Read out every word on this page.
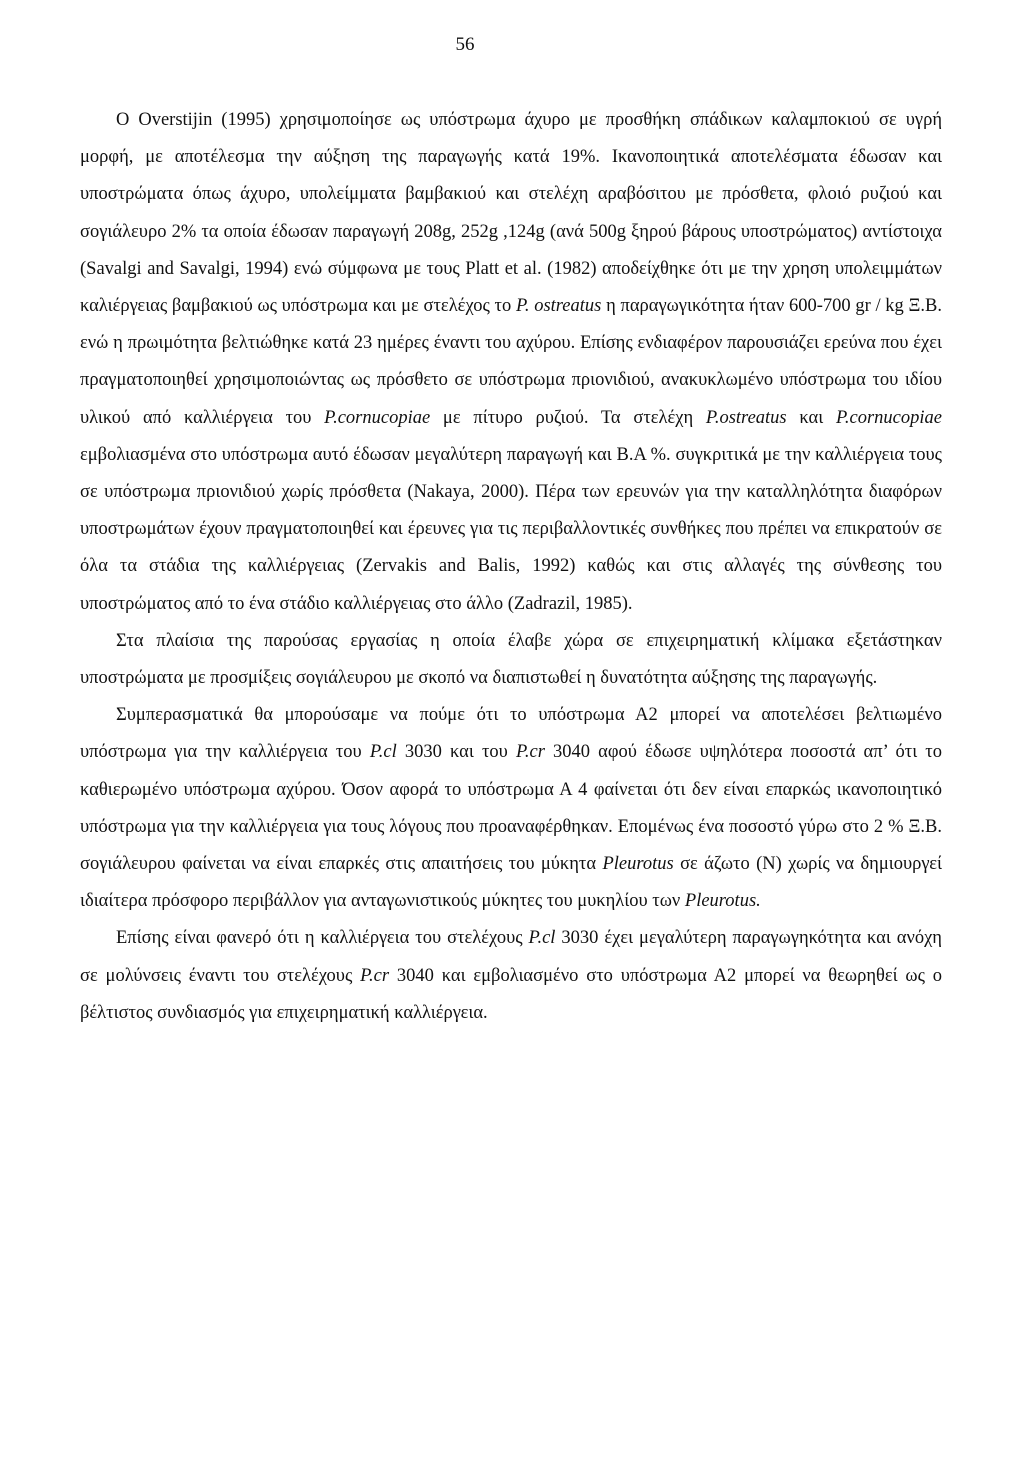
56

Ο Overstijin (1995) χρησιμοποίησε ως υπόστρωμα άχυρο με προσθήκη σπάδικων καλαμποκιού σε υγρή μορφή, με αποτέλεσμα την αύξηση της παραγωγής κατά 19%. Ικανοποιητικά αποτελέσματα έδωσαν και υποστρώματα όπως άχυρο, υπολείμματα βαμβακιού και στελέχη αραβόσιτου με πρόσθετα, φλοιό ρυζιού και σογιάλευρο 2% τα οποία έδωσαν παραγωγή 208g, 252g ,124g (ανά 500g ξηρού βάρους υποστρώματος) αντίστοιχα (Savalgi and Savalgi, 1994) ενώ σύμφωνα με τους Platt et al. (1982) αποδείχθηκε ότι με την χρηση υπολειμμάτων καλιέργειας βαμβακιού ως υπόστρωμα και με στελέχος το P. ostreatus η παραγωγικότητα ήταν 600-700 gr / kg Ξ.Β. ενώ η πρωιμότητα βελτιώθηκε κατά 23 ημέρες έναντι του αχύρου. Επίσης ενδιαφέρον παρουσιάζει ερεύνα που έχει πραγματοποιηθεί χρησιμοποιώντας ως πρόσθετο σε υπόστρωμα πριονιδιού, ανακυκλωμένο υπόστρωμα του ιδίου υλικού από καλλιέργεια του P.cornucopiae με πίτυρο ρυζιού. Τα στελέχη P.ostreatus και P.cornucopiae εμβολιασμένα στο υπόστρωμα αυτό έδωσαν μεγαλύτερη παραγωγή και Β.Α %. συγκριτικά με την καλλιέργεια τους σε υπόστρωμα πριονιδιού χωρίς πρόσθετα (Nakaya, 2000). Πέρα των ερευνών για την καταλληλότητα διαφόρων υποστρωμάτων έχουν πραγματοποιηθεί και έρευνες για τις περιβαλλοντικές συνθήκες που πρέπει να επικρατούν σε όλα τα στάδια της καλλιέργειας (Zervakis and Balis, 1992) καθώς και στις αλλαγές της σύνθεσης του υποστρώματος από το ένα στάδιο καλλιέργειας στο άλλο (Zadrazil, 1985).

Στα πλαίσια της παρούσας εργασίας η οποία έλαβε χώρα σε επιχειρηματική κλίμακα εξετάστηκαν υποστρώματα με προσμίξεις σογιάλευρου με σκοπό να διαπιστωθεί η δυνατότητα αύξησης της παραγωγής.

Συμπερασματικά θα μπορούσαμε να πούμε ότι το υπόστρωμα Α2 μπορεί να αποτελέσει βελτιωμένο υπόστρωμα για την καλλιέργεια του P.cl 3030 και του P.cr 3040 αφού έδωσε υψηλότερα ποσοστά απ’ ότι το καθιερωμένο υπόστρωμα αχύρου. Όσον αφορά το υπόστρωμα Α 4 φαίνεται ότι δεν είναι επαρκώς ικανοποιητικό υπόστρωμα για την καλλιέργεια για τους λόγους που προαναφέρθηκαν. Επομένως ένα ποσοστό γύρω στο 2 % Ξ.Β. σογιάλευρου φαίνεται να είναι επαρκές στις απαιτήσεις του μύκητα Pleurotus σε άζωτο (Ν) χωρίς να δημιουργεί ιδιαίτερα πρόσφορο περιβάλλον για ανταγωνιστικούς μύκητες του μυκηλίου των Pleurotus.

Επίσης είναι φανερό ότι η καλλιέργεια του στελέχους P.cl 3030 έχει μεγαλύτερη παραγωγηκότητα και ανόχη σε μολύνσεις έναντι του στελέχους P.cr 3040 και εμβολιασμένο στο υπόστρωμα Α2 μπορεί να θεωρηθεί ως ο βέλτιστος συνδιασμός για επιχειρηματική καλλιέργεια.
